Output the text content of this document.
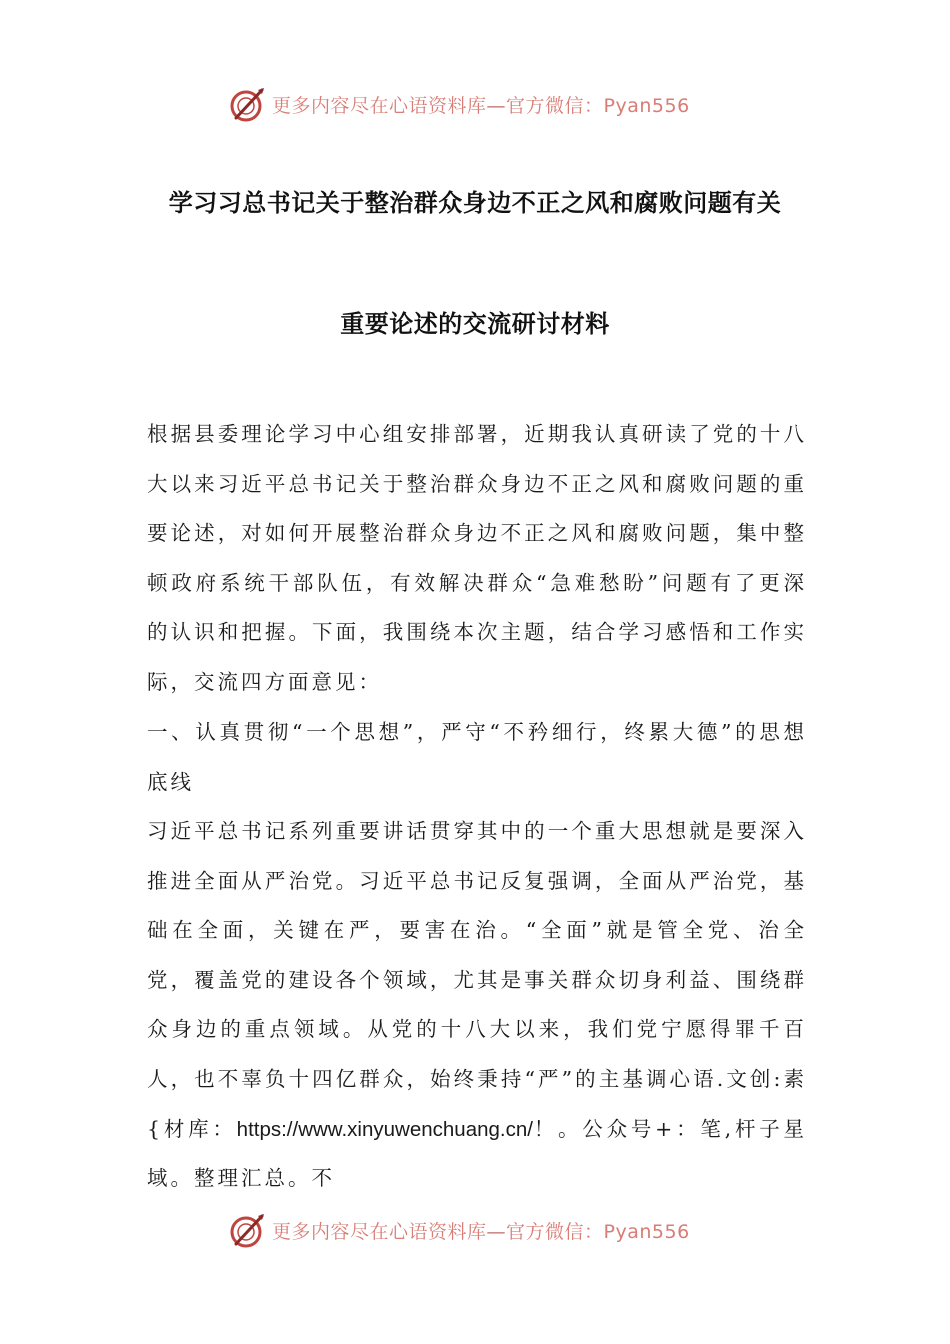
更多内容尽在心语资料库—官方微信：Pyan556
学习习总书记关于整治群众身边不正之风和腐败问题有关
重要论述的交流研讨材料

根据县委理论学习中心组安排部署，近期我认真研读了党的十八大以来习近平总书记关于整治群众身边不正之风和腐败问题的重要论述，对如何开展整治群众身边不正之风和腐败问题，集中整顿政府系统干部队伍，有效解决群众“急难愁盼”问题有了更深的认识和把握。下面，我围绕本次主题，结合学习感悟和工作实际，交流四方面意见：

一、认真贯彻“一个思想”，严守“不矜细行，终累大德”的思想底线

习近平总书记系列重要讲话贯穿其中的一个重大思想就是要深入推进全面从严治党。习近平总书记反复强调，全面从严治党，基础在全面，关键在严，要害在治。“全面”就是管全党、治全党，覆盖党的建设各个领域，尤其是事关群众切身利益、围绕群众身边的重点领域。从党的十八大以来，我们党宁愿得罪千百人，也不辜负十四亿群众，始终秉持“严”的主基调心语.文创:素{材库：https://www.xinyuwenchuang.cn/！。公众号+：笔,杆子星域。整理汇总。不

更多内容尽在心语资料库—官方微信：Pyan556
